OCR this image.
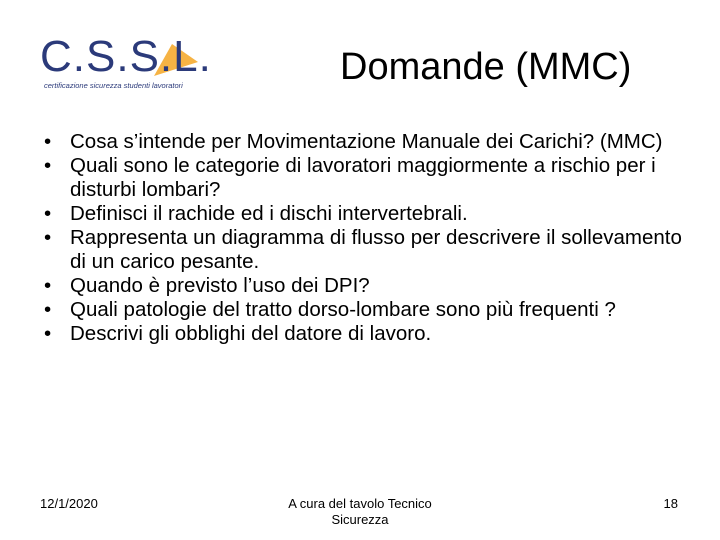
C.S.S.L.
certificazione sicurezza studenti lavoratori	Domande (MMC)
• Cosa s’intende per Movimentazione Manuale dei Carichi? (MMC)
• Quali sono le categorie di lavoratori maggiormente a rischio per i disturbi lombari?
• Definisci il rachide ed i dischi intervertebrali.
• Rappresenta un diagramma di flusso per descrivere il sollevamento di un carico pesante.
• Quando è previsto l’uso dei DPI?
• Quali patologie del tratto dorso-lombare sono più frequenti ?
• Descrivi gli obblighi del datore di lavoro.
12/1/2020	A cura del tavolo Tecnico Sicurezza
18
